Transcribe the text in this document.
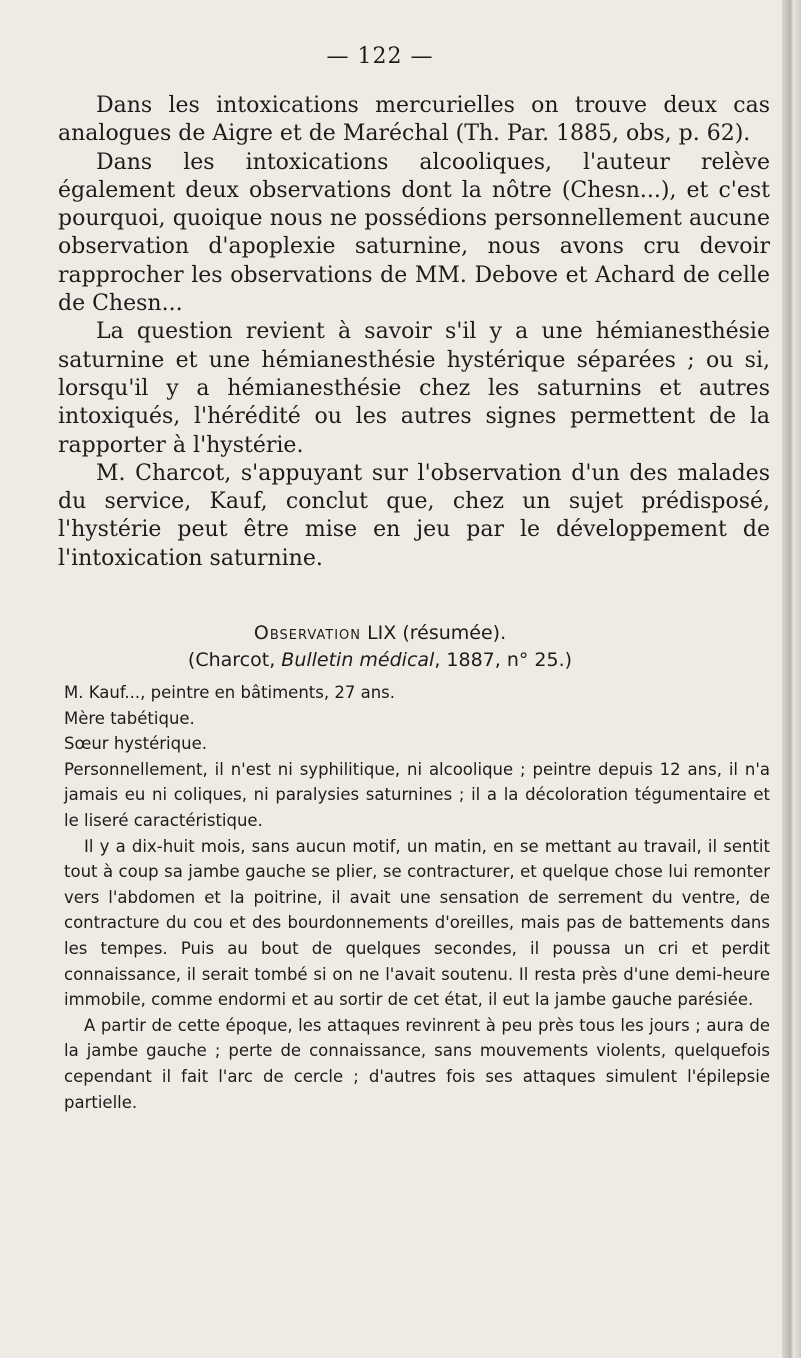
— 122 —

Dans les intoxications mercurielles on trouve deux cas analogues de Aigre et de Maréchal (Th. Par. 1885, obs, p. 62).

Dans les intoxications alcooliques, l'auteur relève également deux observations dont la nôtre (Chesn...), et c'est pourquoi, quoique nous ne possédions personnellement aucune observation d'apoplexie saturnine, nous avons cru devoir rapprocher les observations de MM. Debove et Achard de celle de Chesn...

La question revient à savoir s'il y a une hémianesthésie saturnine et une hémianesthésie hystérique séparées ; ou si, lorsqu'il y a hémianesthésie chez les saturnins et autres intoxiqués, l'hérédité ou les autres signes permettent de la rapporter à l'hystérie.

M. Charcot, s'appuyant sur l'observation d'un des malades du service, Kauf, conclut que, chez un sujet prédisposé, l'hystérie peut être mise en jeu par le développement de l'intoxication saturnine.

Observation LIX (résumée).
(Charcot, Bulletin médical, 1887, n° 25.)

M. Kauf..., peintre en bâtiments, 27 ans.

Mère tabétique.

Sœur hystérique.

Personnellement, il n'est ni syphilitique, ni alcoolique ; peintre depuis 12 ans, il n'a jamais eu ni coliques, ni paralysies saturnines ; il a la décoloration tégumentaire et le liseré caractéristique.

Il y a dix-huit mois, sans aucun motif, un matin, en se mettant au travail, il sentit tout à coup sa jambe gauche se plier, se contracturer, et quelque chose lui remonter vers l'abdomen et la poitrine, il avait une sensation de serrement du ventre, de contracture du cou et des bourdonnements d'oreilles, mais pas de battements dans les tempes. Puis au bout de quelques secondes, il poussa un cri et perdit connaissance, il serait tombé si on ne l'avait soutenu. Il resta près d'une demi-heure immobile, comme endormi et au sortir de cet état, il eut la jambe gauche parésiée.

A partir de cette époque, les attaques revinrent à peu près tous les jours ; aura de la jambe gauche ; perte de connaissance, sans mouvements violents, quelquefois cependant il fait l'arc de cercle ; d'autres fois ses attaques simulent l'épilepsie partielle.
